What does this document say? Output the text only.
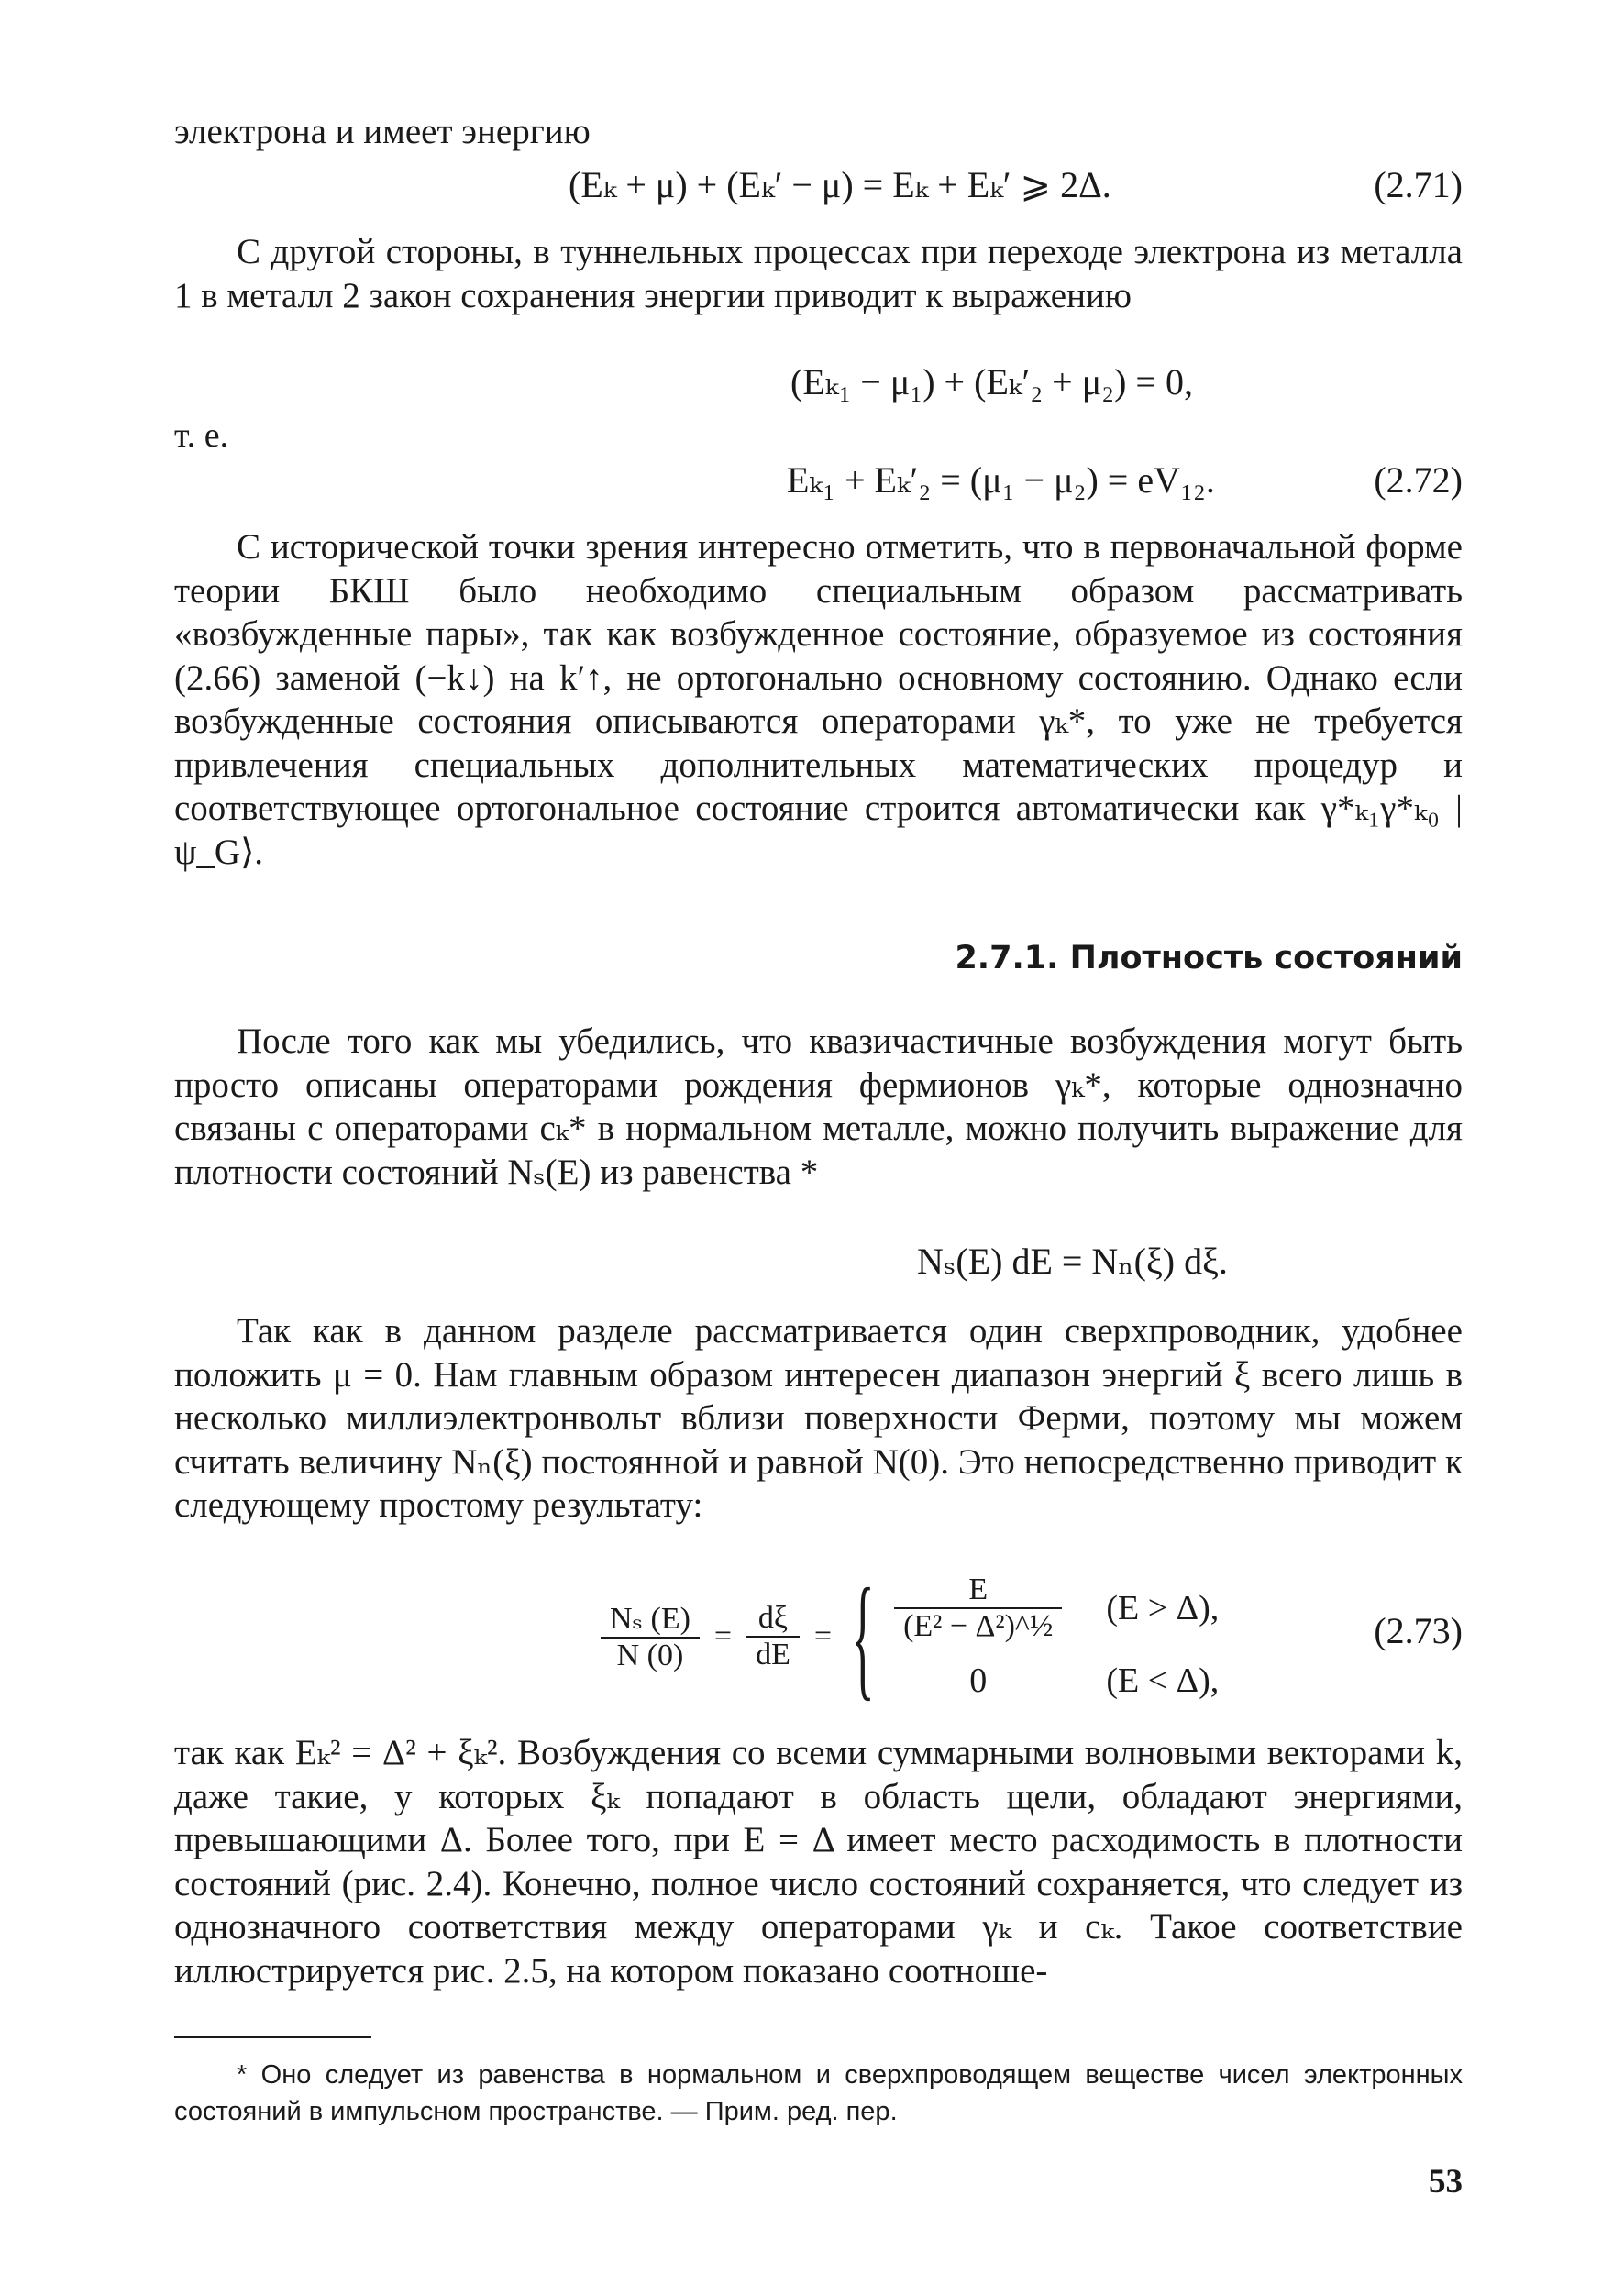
электрона и имеет энергию

(Eₖ + μ) + (Eₖ′ − μ) = Eₖ + Eₖ′ ⩾ 2Δ.	(2.71)

С другой стороны, в туннельных процессах при переходе электрона из металла 1 в металл 2 закон сохранения энергии приводит к выражению

(Eₖ₁ − μ₁) + (Eₖ′₂ + μ₂) = 0,
т. е.
Eₖ₁ + Eₖ′₂ = (μ₁ − μ₂) = eV₁₂.	(2.72)

С исторической точки зрения интересно отметить, что в первоначальной форме теории БКШ было необходимо специальным образом рассматривать «возбужденные пары», так как возбужденное состояние, образуемое из состояния (2.66) заменой (−k↓) на k′↑, не ортогонально основному состоянию. Однако если возбужденные состояния описываются операторами γₖ*, то уже не требуется привлечения специальных дополнительных математических процедур и соответствующее ортогональное состояние строится автоматически как γ*ₖ₁γ*ₖ₀ | ψ_G⟩.

2.7.1. Плотность состояний

После того как мы убедились, что квазичастичные возбуждения могут быть просто описаны операторами рождения фермионов γₖ*, которые однозначно связаны с операторами cₖ* в нормальном металле, можно получить выражение для плотности состояний Nₛ(E) из равенства *

Nₛ(E) dE = Nₙ(ξ) dξ.

Так как в данном разделе рассматривается один сверхпроводник, удобнее положить μ = 0. Нам главным образом интересен диапазон энергий ξ всего лишь в несколько миллиэлектронвольт вблизи поверхности Ферми, поэтому мы можем считать величину Nₙ(ξ) постоянной и равной N(0). Это непосредственно приводит к следующему простому результату:

$\frac{\text{Nₛ (E)}}{N (0)} = \frac{d\xi}{dE}$ = { $\frac{E}{\text{(E² − Δ²)\textasciicircum{}½}} (E > \Delta)$,
0	(E < Δ),
(2.73)

так как Eₖ² = Δ² + ξₖ². Возбуждения со всеми суммарными волновыми векторами k, даже такие, у которых ξₖ попадают в область щели, обладают энергиями, превышающими Δ. Более того, при E = Δ имеет место расходимость в плотности состояний (рис. 2.4). Конечно, полное число состояний сохраняется, что следует из однозначного соответствия между операторами γₖ и cₖ. Такое соответствие иллюстрируется рис. 2.5, на котором показано соотноше-

* Оно следует из равенства в нормальном и сверхпроводящем веществе чисел электронных состояний в импульсном пространстве. — Прим. ред. пер.

53
